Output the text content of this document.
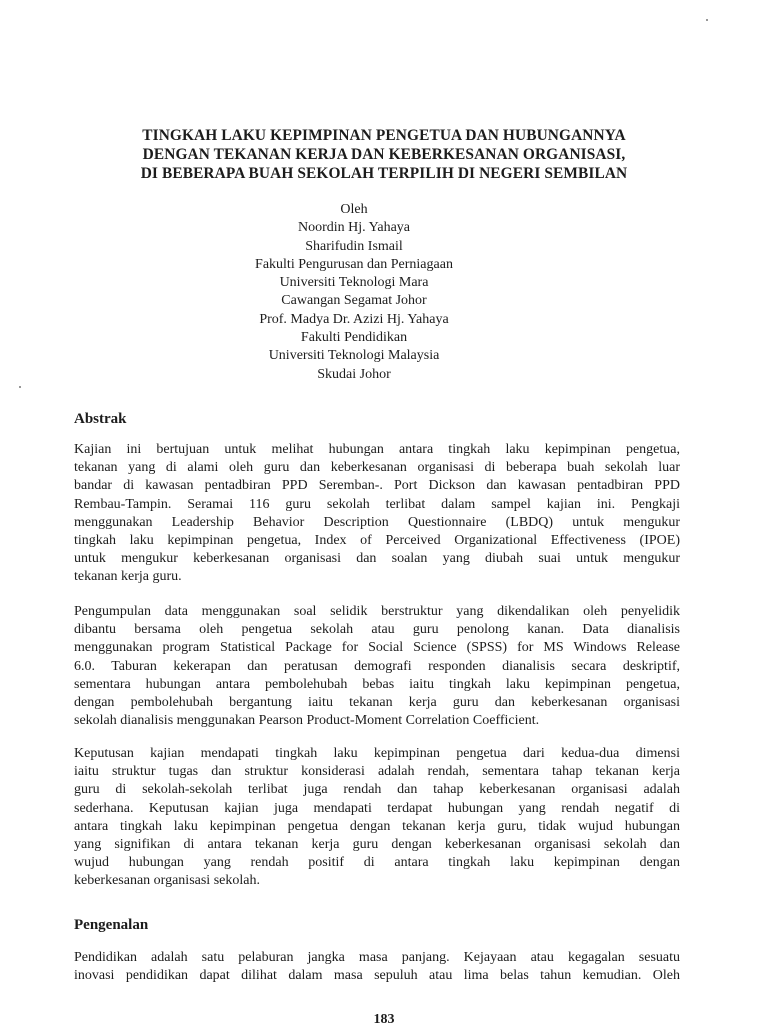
TINGKAH LAKU KEPIMPINAN PENGETUA DAN HUBUNGANNYA
DENGAN TEKANAN KERJA DAN KEBERKESANAN ORGANISASI,
DI BEBERAPA BUAH SEKOLAH TERPILIH DI NEGERI SEMBILAN
Oleh
Noordin Hj. Yahaya
Sharifudin Ismail
Fakulti Pengurusan dan Perniagaan
Universiti Teknologi Mara
Cawangan Segamat Johor
Prof. Madya Dr. Azizi Hj. Yahaya
Fakulti Pendidikan
Universiti Teknologi Malaysia
Skudai Johor
Abstrak
Kajian ini bertujuan untuk melihat hubungan antara tingkah laku kepimpinan pengetua,
tekanan yang di alami oleh guru dan keberkesanan organisasi di beberapa buah sekolah luar
bandar di kawasan pentadbiran PPD Seremban-. Port Dickson dan kawasan pentadbiran PPD
Rembau-Tampin. Seramai 116 guru sekolah terlibat dalam sampel kajian ini. Pengkaji
menggunakan Leadership Behavior Description Questionnaire (LBDQ) untuk mengukur
tingkah laku kepimpinan pengetua, Index of Perceived Organizational Effectiveness (IPOE)
untuk mengukur keberkesanan organisasi dan soalan yang diubah suai untuk mengukur
tekanan kerja guru.
Pengumpulan data menggunakan soal selidik berstruktur yang dikendalikan oleh penyelidik
dibantu bersama oleh pengetua sekolah atau guru penolong kanan. Data dianalisis
menggunakan program Statistical Package for Social Science (SPSS) for MS Windows Release
6.0. Taburan kekerapan dan peratusan demografi responden dianalisis secara deskriptif,
sementara hubungan antara pembolehubah bebas iaitu tingkah laku kepimpinan pengetua,
dengan pembolehubah bergantung iaitu tekanan kerja guru dan keberkesanan organisasi
sekolah dianalisis menggunakan Pearson Product-Moment Correlation Coefficient.
Keputusan kajian mendapati tingkah laku kepimpinan pengetua dari kedua-dua dimensi
iaitu struktur tugas dan struktur konsiderasi adalah rendah, sementara tahap tekanan kerja
guru di sekolah-sekolah terlibat juga rendah dan tahap keberkesanan organisasi adalah
sederhana. Keputusan kajian juga mendapati terdapat hubungan yang rendah negatif di
antara tingkah laku kepimpinan pengetua dengan tekanan kerja guru, tidak wujud hubungan
yang signifikan di antara tekanan kerja guru dengan keberkesanan organisasi sekolah dan
wujud hubungan yang rendah positif di antara tingkah laku kepimpinan dengan
keberkesanan organisasi sekolah.
Pengenalan
Pendidikan adalah satu pelaburan jangka masa panjang. Kejayaan atau kegagalan sesuatu
inovasi pendidikan dapat dilihat dalam masa sepuluh atau lima belas tahun kemudian. Oleh
183
